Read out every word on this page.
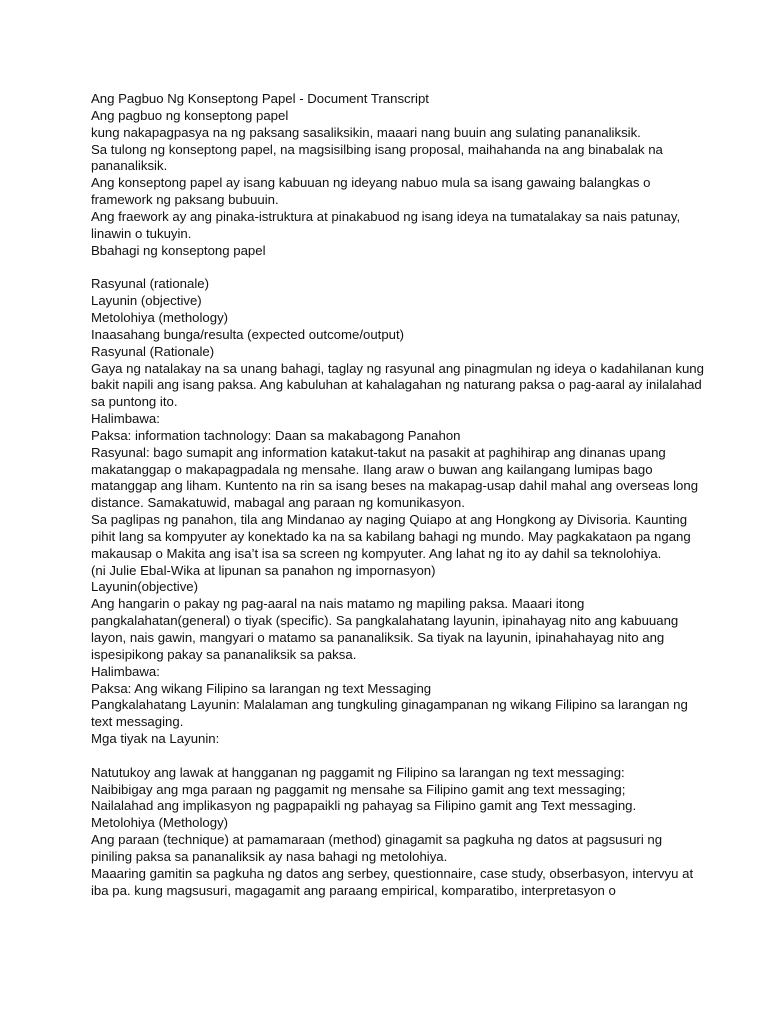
Ang Pagbuo Ng Konseptong Papel - Document Transcript
Ang pagbuo ng konseptong papel
kung nakapagpasya na ng paksang sasaliksikin, maaari nang buuin ang sulating pananaliksik.
Sa tulong ng konseptong papel, na magsisilbing isang proposal, maihahanda na ang binabalak na
pananaliksik.
Ang konseptong papel ay isang kabuuan ng ideyang nabuo mula sa isang gawaing balangkas o
framework ng paksang bubuuin.
Ang fraework ay ang pinaka-istruktura at pinakabuod ng isang ideya na tumatalakay sa nais patunay,
linawin o tukuyin.
Bbahagi ng konseptong papel
Rasyunal (rationale)
Layunin (objective)
Metolohiya (methology)
Inaasahang bunga/resulta (expected outcome/output)
Rasyunal (Rationale)
Gaya ng natalakay na sa unang bahagi, taglay ng rasyunal ang pinagmulan ng ideya o kadahilanan kung
bakit napili ang isang paksa. Ang kabuluhan at kahalagahan ng naturang paksa o pag-aaral ay inilalahad
sa puntong ito.
Halimbawa:
Paksa: information tachnology: Daan sa makabagong Panahon
Rasyunal: bago sumapit ang information katakut-takut na pasakit at paghihirap ang dinanas upang
makatanggap o makapagpadala ng mensahe. Ilang araw o buwan ang kailangang lumipas bago
matanggap ang liham. Kuntento na rin sa isang beses na makapag-usap dahil mahal ang overseas long
distance. Samakatuwid, mabagal ang paraan ng komunikasyon.
Sa paglipas ng panahon, tila ang Mindanao ay naging Quiapo at ang Hongkong ay Divisoria. Kaunting
pihit lang sa kompyuter ay konektado ka na sa kabilang bahagi ng mundo. May pagkakataon pa ngang
makausap o Makita ang isa’t isa sa screen ng kompyuter. Ang lahat ng ito ay dahil sa teknolohiya.
(ni Julie Ebal-Wika at lipunan sa panahon ng impornasyon)
Layunin(objective)
Ang hangarin o pakay ng pag-aaral na nais matamo ng mapiling paksa. Maaari itong
pangkalahatan(general) o tiyak (specific). Sa pangkalahatang layunin, ipinahayag nito ang kabuuang
layon, nais gawin, mangyari o matamo sa pananaliksik. Sa tiyak na layunin, ipinahahayag nito ang
ispesipikong pakay sa pananaliksik sa paksa.
Halimbawa:
Paksa: Ang wikang Filipino sa larangan ng text Messaging
Pangkalahatang Layunin: Malalaman ang tungkuling ginagampanan ng wikang Filipino sa larangan ng
text messaging.
Mga tiyak na Layunin:
Natutukoy ang lawak at hangganan ng paggamit ng Filipino sa larangan ng text messaging:
Naibibigay ang mga paraan ng paggamit ng mensahe sa Filipino gamit ang text messaging;
Nailalahad ang implikasyon ng pagpapaikli ng pahayag sa Filipino gamit ang Text messaging.
Metolohiya (Methology)
Ang paraan (technique) at pamamaraan (method) ginagamit sa pagkuha ng datos at pagsusuri ng
piniling paksa sa pananaliksik ay nasa bahagi ng metolohiya.
Maaaring gamitin sa pagkuha ng datos ang serbey, questionnaire, case study, obserbasyon, intervyu at
iba pa. kung magsusuri, magagamit ang paraang empirical, komparatibo, interpretasyon o
